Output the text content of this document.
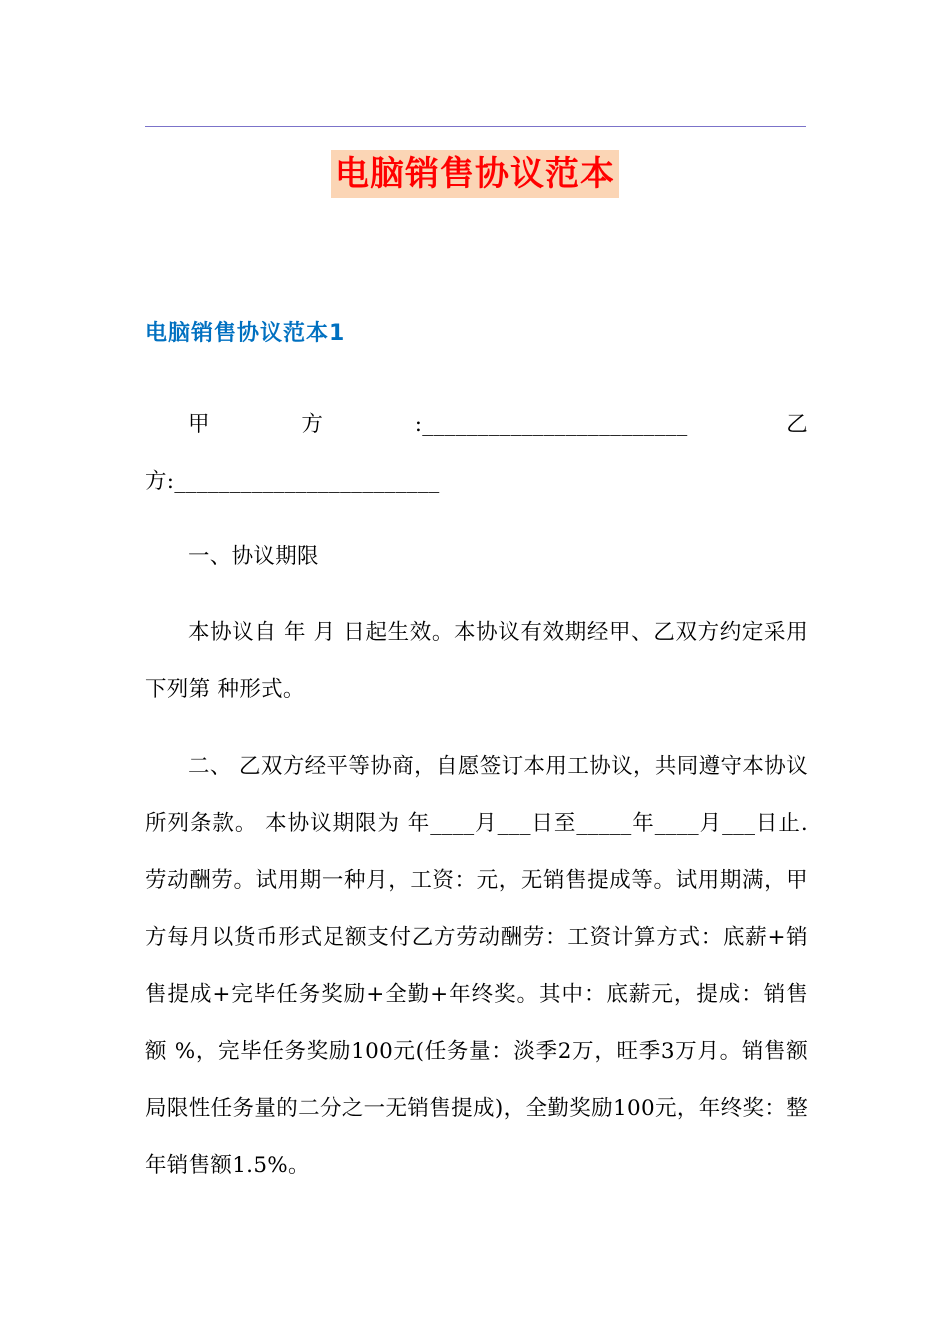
电脑销售协议范本
电脑销售协议范本1

甲方:________________________ 乙方:________________________

一、协议期限

本协议自 年 月 日起生效。本协议有效期经甲、乙双方约定采用下列第 种形式。

二、 乙双方经平等协商，自愿签订本用工协议，共同遵守本协议所列条款。 本协议期限为 年____月___日至_____年____月___日止. 劳动酬劳。试用期一种月，工资：元，无销售提成等。试用期满，甲方每月以货币形式足额支付乙方劳动酬劳：工资计算方式：底薪+销售提成+完毕任务奖励+全勤+年终奖。其中：底薪元，提成：销售额 %，完毕任务奖励100元(任务量：淡季2万，旺季3万月。销售额局限性任务量的二分之一无销售提成)，全勤奖励100元，年终奖：整年销售额1.5%。
